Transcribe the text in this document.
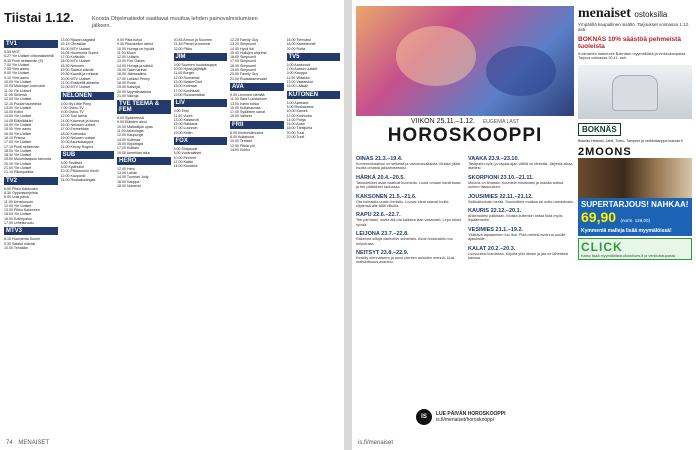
Tiistai 1.12.	Koosta Ohjelmatiedot saattavat muuttua lehden painovalmistumisen jälkeen.
TV1
5.55 MOT.
6.27 Yle Uutiset viittomakielellä
6.30 Puoli seitsemän (S)
7.00 Yle Uutiset
7.05 Ylen aamu
9.00 Yle Uutiset
9.10 Ylen aamu
10.00 Yle Uutiset
10.05 Muistojen bulevardi
11.00 Yle Uutiset
11.05 Strömsö
12.00 Yle Uutiset
12.10 Puutarhaunelmia
13.00 Yle Uutiset
13.05 Kotiin
14.00 Yle Uutiset
14.05 Eläinlääkäri
15.00 Yle Uutiset
15.05 Ylen aamu
16.00 Yle Uutiset
16.10 Prisma
17.00 Yle Uutiset
17.10 Puoli seitsemän
18.00 Yle Uutiset
18.30 Yle Uutiset
19.00 Muumilaakson tarinoita
20.00 Yle Uutiset
21.00 Yle Uutiset
21.10 Rikospaikka
TV2
6.00 Pikku Kakkonen
8.30 Oppimisohjelma
9.00 Uusi päivä
11.00 Urheiluruutu
12.00 Yle Uutiset
13.00 Pikku Kakkonen
15.00 Yle Uutiset
16.00 Kotiinpaluu
17.00 Urheiluruutu
MTV3
6.15 Huomenta Suomi
9.30 Salatut elämät
10.00 Tehdään
13.50 Rjazan-sagalist
15.15 Ohrasillat
16.00 MTV Uutiset
16.05 Huomenta Suomi
17.00 Kotikokki
18.00 MTV Uutiset
18.30 Nelonen
19.00 Salatut elämät
19.30 Kauniit ja rohkeat
20.00 MTV Uutiset
21.00 Ensitreffit alttarilla
22.00 MTV Uutiset
NELONEN
6.00 My Little Pony
7.00 Ostos-TV
9.00 Ostos-TV
12.00 Tosi tarina
14.00 Kauneus ja kirous
16.00 Nelosen uutiset
17.00 Emmerdale
18.00 Kotiruoka
19.00 Nelosen uutiset
20.00 Asuntokauppa
21.00 Kenny Rogers
SUB
6.00 Tosiklubi
8.00 Kylähullut
10.00 Pikkutunnin hirviö
12.00 Kaupunki
14.00 Ruokakuningas
9.00 Pala kotoa
9.30 Pikkukellon tarina
10.00 Hunaja on hyvää
11.00 Moon
12.00 Uutisiin
13.00 Fort Oakes
14.00 Hunaja ja sähkö
15.00 Talon tarinat
16.00 Jäämaailma
17.00 Lukkari Penny
18.00 Rotat
19.00 Katsojat
20.00 Myyntimaailma
21.00 Valvoja
TVE TEEMA & FEM
8.00 Sydämessä
9.00 Eläinten aivot
10.00 Matkailijan opas
11.00 Arkeologia
12.00 Kaupungit
14.00 Kotimaa
15.00 Kirjoittajat
17.00 Kotitalo
19.00 Amerikan aika
HERO
12.00 Hero
13.00 Lahde
14.00 Tuomari Judy
16.00 Kauppa
18.00 Numerot
20.45 Armon ja Suomen
21.45 Pienet ja komeat
22.00 Pikku
JIM
9.00 Suomen huutokauppa
10.00 Hyviä jäljittäjät
11.00 Burger
12.00 Romanssi
13.00 MasterChef
15.00 Kotimaa
17.00 Kuninkaat
19.00 Ruokamatkat
LIV
9.00 Tiimi
11.00 Vuorit
13.00 Katastrofi
15.00 Rakkaus
17.00 Luonnon
19.00 Kotiin
FOX
6.00 Simpsonit
8.00 Vuokralaiset
10.00 Perheet
12.00 Kaikki
14.00 Kuvastot
12.25 Family Guy
13.20 Simpsonit
14.00 Hyvä ikä
15.00 Hullujen ohjelma
16.00 Simpsonit
17.00 Simpsonit
18.00 Simpsonit
19.00 Simpsonit
20.00 Family Guy
21.00 Ruokakarnevaali
AVA
9.00 Lemmen viemää
11.00 Sara Luostarinen
13.00 Iranin tuhka
15.00 Kultaharmaa
17.00 Sydänten sanat
19.00 Valheet
FRII
6.00 Kimblesilmukka
8.00 Kultakuva
10.00 Tehtaat
12.00 Pitkät yöt
14.00 Kirkko
16.00 Tienvarsi
18.00 Kameleontti
20.00 Rotta
TV5
6.00 Aamurock
7.00 Aamun uutiset
9.00 Kauppa
11.00 Viidakko
13.00 Vastaiskut
15.00 Lääkäri
KUTONEN
6.00 Aamuset
8.00 Ruokaostos
10.00 Kameli
12.00 Kotiruoka
14.00 Pohja
16.00 Autot
18.00 Tähtijuhla
20.00 Tuuli
22.00 Tunti
74 MENAISET
VIIKON 25.11.–1.12. EUGENIA LAST
HOROSKOOPPI
OINAS 21.3.–19.4.
Kommunikaatiosi on selkeää ja vaikutusvaltaista. Muista pitää huolta omasta jaksamisestasi.
HÄRKÄ 20.4.–20.5.
Taloudelliset asiat vaativat huomiota. Luota omaan harkintaasi ja tee päätökset rauhassa.
KAKSONEN 21.5.–21.6.
Ota kontaktia uusiin ihmisiin. Luovat ideat saavat tuulta siipiensä alle tällä viikolla.
RAPU 22.6.–22.7.
Tee parhaasi, mutta älä ota kaikkea liian vakavasti. Lepo tekee hyvää.
LEIJONA 23.7.–22.8.
Rakenna siltoja vanhoihin suhteisiin. Avoin keskustelu tuo helpotusta.
NEITSYT 23.8.–22.9.
Keskity olennaiseen ja anna pienten asioiden mennä. Uusi mahdollisuus avautuu.
VAAKA 23.9.–23.10.
Tasapaino työn ja vapaa-ajan välillä on tärkeää. Järjestä aikaa itsellesi.
SKORPIONI 23.10.–21.11.
Muutos on ilmassa. Kuuntele intuitiotasi ja uskalla tarttua uuteen tilaisuuteen.
JOUSIMIES 22.11.–21.12.
Seikkailunhalu herää. Suunnittele matkaa tai uutta harrastusta.
KAURIS 22.12.–20.1.
Ahkeruutesi palkitaan. Muista kuitenkin antaa tilaa myös lepäämiselle.
VESIMIES 21.1.–19.2.
Yllättävä tapaaminen tuo iloa. Pidä mielesi avoinna uusille ajatuksille.
KALAT 20.2.–20.3.
Luovuutesi kukoistaa. Kirjoita ylös ideasi ja jaa ne läheistesi kanssa.
IS	LUE PÄIVÄN HOROSKOOPPI
is.fi/menaiset/horoskooppi
menaiset ostoksilla
Ympärillä kaupallinen sisältö. Tarjoukset voimassa 1.12. asti.
BOKNÄS 10% säästöä pehmeistä tuoleista
Kotimainen laatutuote Boknäsin myymälöistä ja verkkokaupasta. Tarjous voimassa 30.11. asti.
BOKNÄS
Boknäs Helsinki, Lahti, Turku, Tampere ja verkkokauppa boknas.fi
2MOONS
SUPERTARJOUS! NAHKAA!
69,90 (norm. 129,00)
Kymmeniä malleja lisää myymälöissä!
CLICK
Katso lisää myymälöistä clickshoes.fi ja verkkokaupasta
is.fi/menaiset
